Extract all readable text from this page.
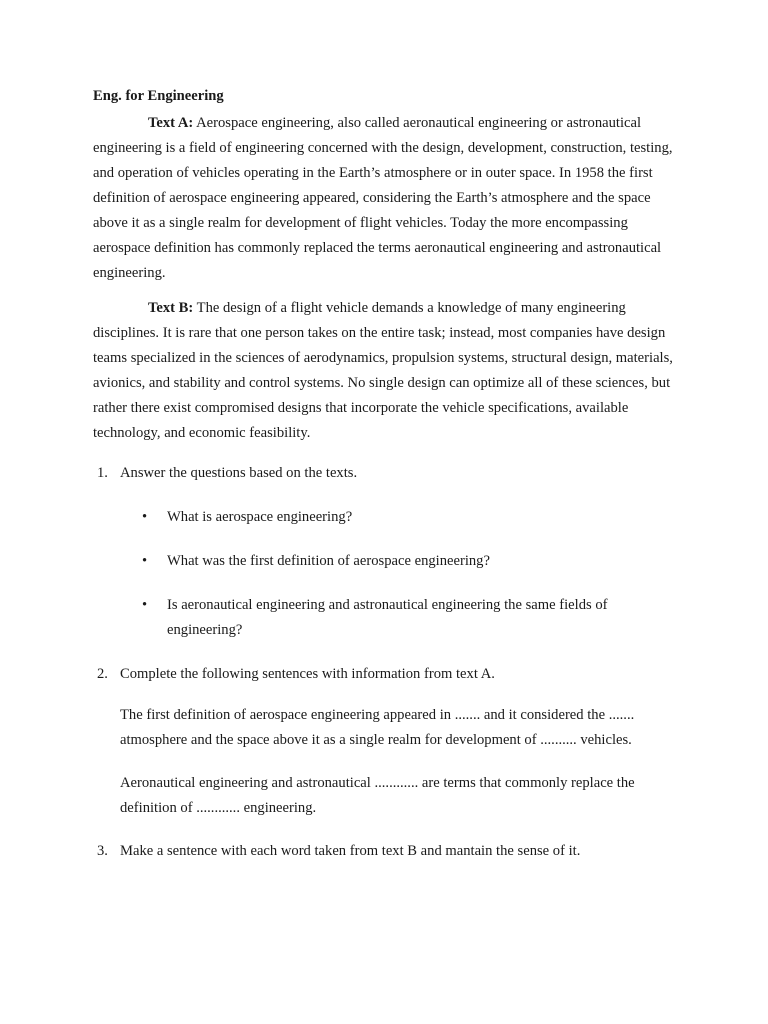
Eng. for Engineering

Text A: Aerospace engineering, also called aeronautical engineering or astronautical engineering is a field of engineering concerned with the design, development, construction, testing, and operation of vehicles operating in the Earth’s atmosphere or in outer space. In 1958 the first definition of aerospace engineering appeared, considering the Earth’s atmosphere and the space above it as a single realm for development of flight vehicles. Today the more encompassing aerospace definition has commonly replaced the terms aeronautical engineering and astronautical engineering.

Text B: The design of a flight vehicle demands a knowledge of many engineering disciplines. It is rare that one person takes on the entire task; instead, most companies have design teams specialized in the sciences of aerodynamics, propulsion systems, structural design, materials, avionics, and stability and control systems. No single design can optimize all of these sciences, but rather there exist compromised designs that incorporate the vehicle specifications, available technology, and economic feasibility.

1. Answer the questions based on the texts.
• What is aerospace engineering?
• What was the first definition of aerospace engineering?
• Is aeronautical engineering and astronautical engineering the same fields of engineering?
2. Complete the following sentences with information from text A.

The first definition of aerospace engineering appeared in ....... and it considered the ....... atmosphere and the space above it as a single realm for development of .......... vehicles.

Aeronautical engineering and astronautical ............ are terms that commonly replace the definition of ............ engineering.

3. Make a sentence with each word taken from text B and mantain the sense of it.
